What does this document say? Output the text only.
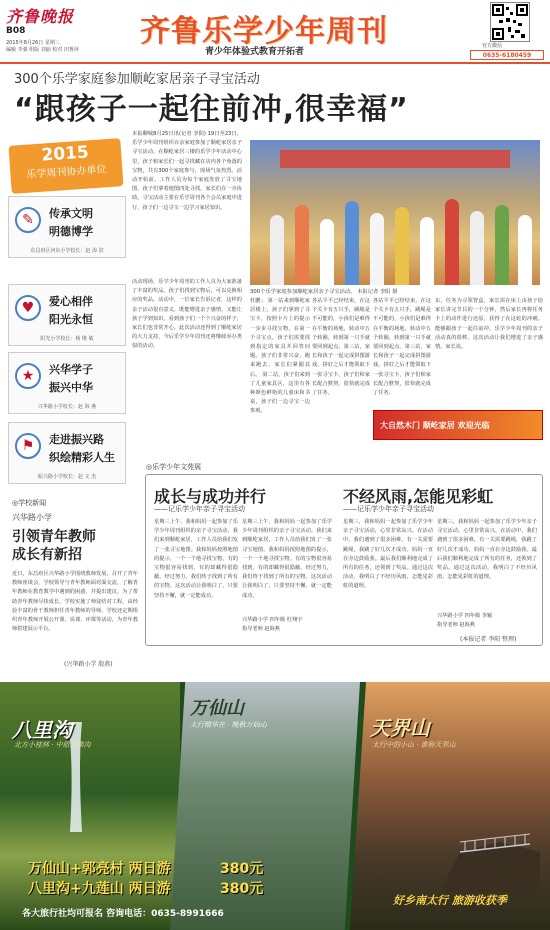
齐鲁晚报
B08
2015年8月26日 星期三
编辑 李强 组版 刘丽 校对 田鲁萍
齐鲁乐学少年周刊
青少年体验式教育开拓者
官方微信
0635-6180459
300个乐学家庭参加顺屹家居亲子寻宝活动
“跟孩子一起往前冲,很幸福”
2015
乐学周刊协办单位
✎	传承文明
明德博学
东昌府区河东小学校长：赵 海 滨
♥	爱心相伴
阳光永恒
阳光小学校长：杨 继 敏
★	兴华学子
振兴中华
兴华路小学校长：赵 海 燕
⚑	走进振兴路
织绘精彩人生
振兴路小学校长：赵 文 杰
本报聊城8月25日讯(记者 李阳) 19日至23日，乐学少年周刊组织百余家庭参加了顺屹家居亲子寻宝活动，在顺屹家居三楼的乐学少年活动中心里，孩子和家长们一起寻找藏在店内各个角落的宝物，共有300个家庭参与，现场气氛热烈。活动开始前，工作人员为每个家庭发放了寻宝地图，孩子们拿着地图四处寻找，家长们在一旁协助。寻宝活动主要在乐学周刊各个会员家庭中进行，孩子们一边寻宝一边学习家居知识。
活动现场，乐学少年周刊的工作人员为大家准备了丰富的奖品。孩子们找到宝物后，可以兑换相应的奖品。活动中，一位家长告诉记者，这样的亲子活动很有意义，既能增进亲子感情，又能让孩子学到知识。看到孩子们一个个兴奋的样子，家长们也非常开心。此次活动还得到了顺屹家居的大力支持，今后乐学少年周刊还将继续举办类似的活动。
300个乐学家庭参加顺屹家居亲子寻宝活动。 本报记者 李阳 摄
杜鹏」 第一站来到顺屹家居楼上，孩子们拿到了寻宝卡，按照卡片上的提示一步步寻找宝物，在第一个寻宝点，孩子们需要找到指定的家具并回答问题。孩子们非常兴奋，跑来跑去，家长们紧跟其后。 第二站，孩子们来到了儿童家具区，这里有各种颜色鲜艳的儿童床和书桌，孩子们一边寻宝一边参观。
各站平平已经结束，在这个关卡有五只手，跳绳是不可能的，小孩们是难得在平衡的场地，转动中五个转圈，转到第一只手就要回到起点。第三站，家长和孩子一起完成拼图游戏，拼好之后才能领取下一张寻宝卡，孩子们和家长配合默契，很快就完成了任务。
各站平平已经结束，在这个关卡有五只手，跳绳是不可能的，小孩们是难得在平衡的场地，转动中五个转圈，转到第一只手就要回到起点。第三站，家长和孩子一起完成拼图游戏，拼好之后才能领取下一张寻宝卡，孩子们和家长配合默契，很快就完成了任务。
东，任务为寻领智盒，家长需在床上由孩子给家长讲完节目的一个分钟，然后家长再将任务卡上的动作进行还原，获得了在这轮的冲刺。 能够跟孩子一起往前冲，乐学少年周刊的亲子活动真的很棒，这次活动让我们增进了亲子感情。家长说。
大自然木门 顺屹家居 欢迎光临
◎学校新闻
兴华路小学
引领青年教师
成长有新招
近日，东昌府区兴华路小学围绕教师发展，召开了青年教师座谈会，学校领导与青年教师面对面交流，了解青年教师在教育教学中遇到的困惑，并提出建议。为了帮助青年教师尽快成长，学校实施了师徒结对工程，由经验丰富的骨干教师担任青年教师的导师。学校还定期组织青年教师开展公开课、说课、评课等活动，为青年教师搭建展示平台。
(兴华路小学 殷燕)
◎乐学少年文苑展
成长与成功并行
——记乐学少年亲子寻宝活动
星期三上午，我和妈妈一起参加了乐学少年周刊组织的亲子寻宝活动。我们来到顺屹家居，工作人员给我们发了一张寻宝地图。我和妈妈按照地图的提示，一个一个地寻找宝物。有的宝物很容易找到，有的却藏得很隐蔽。经过努力，我们终于找到了所有的宝物。这次活动让我明白了，只要坚持不懈，就一定能成功。
星期三上午，我和妈妈一起参加了乐学少年周刊组织的亲子寻宝活动。我们来到顺屹家居，工作人员给我们发了一张寻宝地图。我和妈妈按照地图的提示，一个一个地寻找宝物。有的宝物很容易找到，有的却藏得很隐蔽。经过努力，我们终于找到了所有的宝物。这次活动让我明白了，只要坚持不懈，就一定能成功。
兴华路小学 四年级 杜翔宇
指导老师 赵海燕
不经风雨,怎能见彩虹
——记乐学少年亲子寻宝活动
星期三，我和妈妈一起参加了乐学少年亲子寻宝活动，心里非常高兴。在活动中，我们遇到了很多困难，有一关需要跳绳，我跳了好几次才成功。妈妈一直在旁边鼓励我。最后我们顺利地完成了所有的任务，还领到了奖品。通过这次活动，我明白了不经历风雨，怎能见彩虹的道理。
星期三，我和妈妈一起参加了乐学少年亲子寻宝活动，心里非常高兴。在活动中，我们遇到了很多困难，有一关需要跳绳，我跳了好几次才成功。妈妈一直在旁边鼓励我。最后我们顺利地完成了所有的任务，还领到了奖品。通过这次活动，我明白了不经历风雨，怎能见彩虹的道理。
兴华路小学 四年级 李颖
指导老师 赵海燕
(本报记者 李阳 整理)
八里沟
北方小桂林 · 中原九寨沟
万仙山
太行精华在 · 晚秋万仙山	天界山
太行中的小山 · 谁称天界山
万仙山+郭亮村 两日游	380元
八里沟+九莲山 两日游	380元
各大旅行社均可报名 咨询电话：0635-8991666
好乡南太行 旅游收获季
